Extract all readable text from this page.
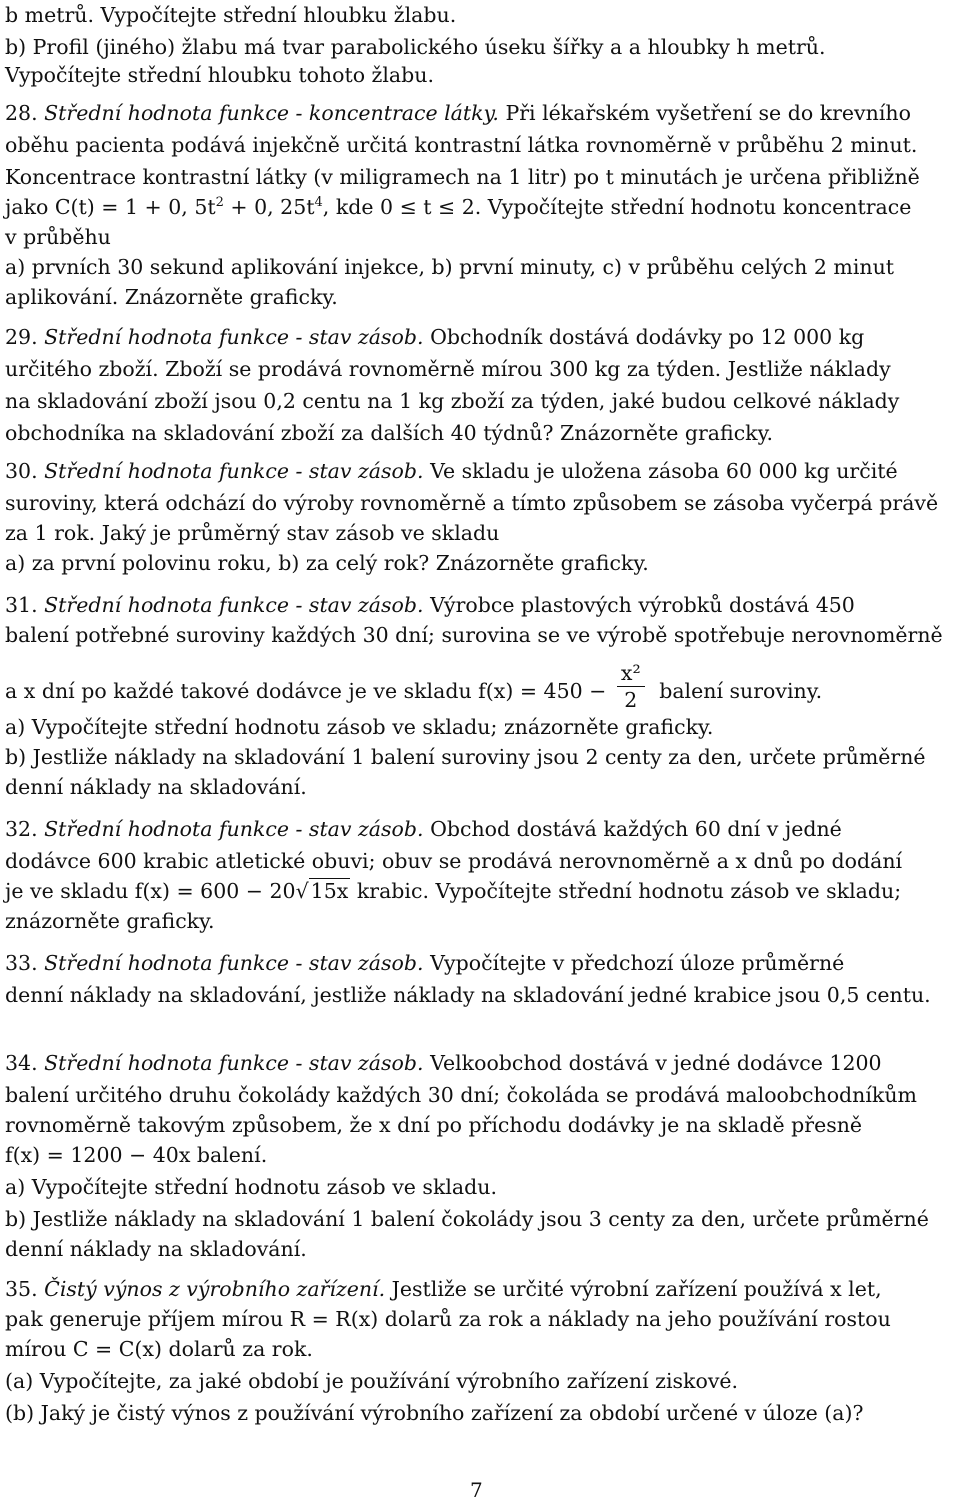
b metrů. Vypočítejte střední hloubku žlabu.
b) Profil (jiného) žlabu má tvar parabolického úseku šířky a a hloubky h metrů.
Vypočítejte střední hloubku tohoto žlabu.
28. Střední hodnota funkce - koncentrace látky. Při lékařském vyšetření se do krevního
oběhu pacienta podává injekčně určitá kontrastní látka rovnoměrně v průběhu 2 minut.
Koncentrace kontrastní látky (v miligramech na 1 litr) po t minutách je určena přibližně
jako C(t) = 1 + 0, $5t^2 + 0$, $25t^4$, kde 0 ≤ t ≤ 2. Vypočítejte střední hodnotu koncentrace
v průběhu
a) prvních 30 sekund aplikování injekce, b) první minuty, c) v průběhu celých 2 minut
aplikování. Znázorněte graficky.
29. Střední hodnota funkce - stav zásob. Obchodník dostává dodávky po 12 000 kg
určitého zboží. Zboží se prodává rovnoměrně mírou 300 kg za týden. Jestliže náklady
na skladování zboží jsou 0,2 centu na 1 kg zboží za týden, jaké budou celkové náklady
obchodníka na skladování zboží za dalších 40 týdnů? Znázorněte graficky.
30. Střední hodnota funkce - stav zásob. Ve skladu je uložena zásoba 60 000 kg určité
suroviny, která odchází do výroby rovnoměrně a tímto způsobem se zásoba vyčerpá právě
za 1 rok. Jaký je průměrný stav zásob ve skladu
a) za první polovinu roku, b) za celý rok? Znázorněte graficky.
31. Střední hodnota funkce - stav zásob. Výrobce plastových výrobků dostává 450
balení potřebné suroviny každých 30 dní; surovina se ve výrobě spotřebuje nerovnoměrně
a x dní po každé takové dodávce je ve skladu $f(x) = 450 - \frac{\text{x²}}{2}$ balení suroviny.
a) Vypočítejte střední hodnotu zásob ve skladu; znázorněte graficky.
b) Jestliže náklady na skladování 1 balení suroviny jsou 2 centy za den, určete průměrné
denní náklady na skladování.
32. Střední hodnota funkce - stav zásob. Obchod dostává každých 60 dní v jedné
dodávce 600 krabic atletické obuvi; obuv se prodává nerovnoměrně a x dnů po dodání
je ve skladu f(x) = 600 − 20√15x krabic. Vypočítejte střední hodnotu zásob ve skladu;
znázorněte graficky.
33. Střední hodnota funkce - stav zásob. Vypočítejte v předchozí úloze průměrné
denní náklady na skladování, jestliže náklady na skladování jedné krabice jsou 0,5 centu.
34. Střední hodnota funkce - stav zásob. Velkoobchod dostává v jedné dodávce 1200
balení určitého druhu čokolády každých 30 dní; čokoláda se prodává maloobchodníkům
rovnoměrně takovým způsobem, že x dní po příchodu dodávky je na skladě přesně
f(x) = 1200 − 40x balení.
a) Vypočítejte střední hodnotu zásob ve skladu.
b) Jestliže náklady na skladování 1 balení čokolády jsou 3 centy za den, určete průměrné
denní náklady na skladování.
35. Čistý výnos z výrobního zařízení. Jestliže se určité výrobní zařízení používá x let,
pak generuje příjem mírou R = R(x) dolarů za rok a náklady na jeho používání rostou
mírou C = C(x) dolarů za rok.
(a) Vypočítejte, za jaké období je používání výrobního zařízení ziskové.
(b) Jaký je čistý výnos z používání výrobního zařízení za období určené v úloze (a)?
7
